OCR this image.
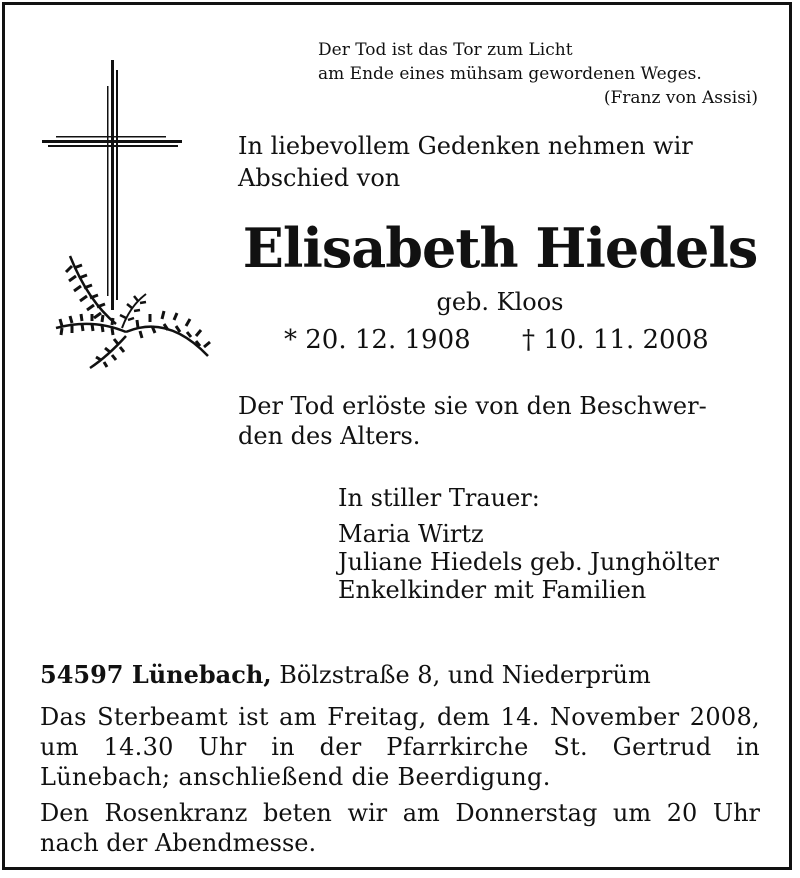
Der Tod ist das Tor zum Licht
am Ende eines mühsam gewordenen Weges.
(Franz von Assisi)
In liebevollem Gedenken nehmen wir
Abschied von
Elisabeth Hiedels
geb. Kloos
* 20. 12. 1908 † 10. 11. 2008
Der Tod erlöste sie von den Beschwer-
den des Alters.
In stiller Trauer:
Maria Wirtz
Juliane Hiedels geb. Junghölter
Enkelkinder mit Familien
54597 Lünebach, Bölzstraße 8, und Niederprüm
Das Sterbeamt ist am Freitag, dem 14. November 2008, um 14.30 Uhr in der Pfarrkirche St. Gertrud in Lünebach; anschließend die Beerdigung.
Den Rosenkranz beten wir am Donnerstag um 20 Uhr nach der Abendmesse.
